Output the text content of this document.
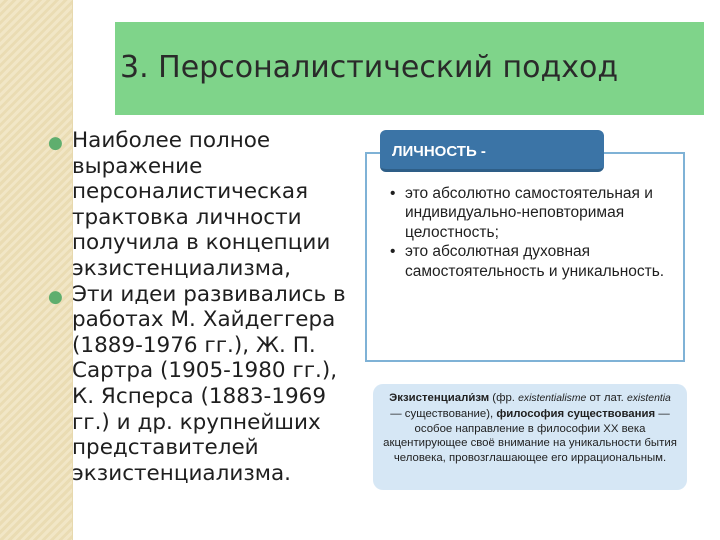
3. Персоналистический подход
● Наиболее полное выражение персоналистическая трактовка личности получила в концепции экзистенциализма,
● Эти идеи развивались в работах М. Хайдеггера (1889-1976 гг.), Ж. П. Сартра (1905-1980 гг.), К. Ясперса (1883-1969 гг.) и др. крупнейших представителей экзистенциализма.
ЛИЧНОСТЬ -
• это абсолютно самостоятельная и индивидуально-неповторимая целостность;
• это абсолютная духовная самостоятельность и уникальность.
Экзистенциали́зм (фр. existentialisme от лат. existentia — существование), философия существования — особое направление в философии XX века акцентирующее своё внимание на уникальности бытия человека, провозглашающее его иррациональным.
